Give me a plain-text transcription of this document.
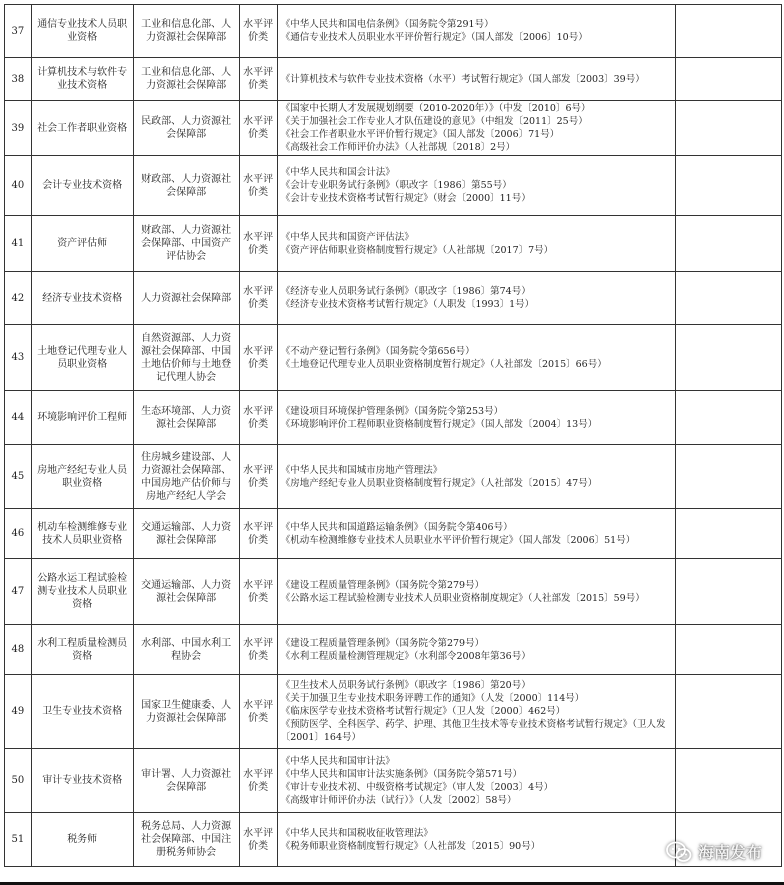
37	通信专业技术人员职业资格	工业和信息化部、人力资源社会保障部	水平评价类	《中华人民共和国电信条例》（国务院令第291号）
《通信专业技术人员职业水平评价暂行规定》（国人部发〔2006〕10号）	

38	计算机技术与软件专业技术资格	工业和信息化部、人力资源社会保障部	水平评价类	《计算机技术与软件专业技术资格（水平）考试暂行规定》（国人部发〔2003〕39号）	

39	社会工作者职业资格	民政部、人力资源社会保障部	水平评价类	《国家中长期人才发展规划纲要（2010-2020年）》（中发〔2010〕6号）
《关于加强社会工作专业人才队伍建设的意见》（中组发〔2011〕25号）
《社会工作者职业水平评价暂行规定》（国人部发〔2006〕71号）
《高级社会工作师评价办法》（人社部规〔2018〕2号）	

40	会计专业技术资格	财政部、人力资源社会保障部	水平评价类	《中华人民共和国会计法》
《会计专业职务试行条例》（职改字〔1986〕第55号）
《会计专业技术资格考试暂行规定》（财会〔2000〕11号）	

41	资产评估师	财政部、人力资源社会保障部、中国资产评估协会	水平评价类	《中华人民共和国资产评估法》
《资产评估师职业资格制度暂行规定》（人社部规〔2017〕7号）	

42	经济专业技术资格	人力资源社会保障部	水平评价类	《经济专业人员职务试行条例》（职改字〔1986〕第74号）
《经济专业技术资格考试暂行规定》（人职发〔1993〕1号）	

43	土地登记代理专业人员职业资格	自然资源部、人力资源社会保障部、中国土地估价师与土地登记代理人协会	水平评价类	《不动产登记暂行条例》（国务院令第656号）
《土地登记代理专业人员职业资格制度暂行规定》（人社部发〔2015〕66号）	

44	环境影响评价工程师	生态环境部、人力资源社会保障部	水平评价类	《建设项目环境保护管理条例》（国务院令第253号）
《环境影响评价工程师职业资格制度暂行规定》（国人部发〔2004〕13号）	

45	房地产经纪专业人员职业资格	住房城乡建设部、人力资源社会保障部、中国房地产估价师与房地产经纪人学会	水平评价类	《中华人民共和国城市房地产管理法》
《房地产经纪专业人员职业资格制度暂行规定》（人社部发〔2015〕47号）	

46	机动车检测维修专业技术人员职业资格	交通运输部、人力资源社会保障部	水平评价类	《中华人民共和国道路运输条例》（国务院令第406号）
《机动车检测维修专业技术人员职业水平评价暂行规定》（国人部发〔2006〕51号）	

47	公路水运工程试验检测专业技术人员职业资格	交通运输部、人力资源社会保障部	水平评价类	《建设工程质量管理条例》（国务院令第279号）
《公路水运工程试验检测专业技术人员职业资格制度规定》（人社部发〔2015〕59号）	

48	水利工程质量检测员资格	水利部、中国水利工程协会	水平评价类	《建设工程质量管理条例》（国务院令第279号）
《水利工程质量检测管理规定》（水利部令2008年第36号）	

49	卫生专业技术资格	国家卫生健康委、人力资源社会保障部	水平评价类	《卫生技术人员职务试行条例》（职改字〔1986〕第20号）
《关于加强卫生专业技术职务评聘工作的通知》（人发〔2000〕114号）
《临床医学专业技术资格考试暂行规定》（卫人发〔2000〕462号）
《预防医学、全科医学、药学、护理、其他卫生技术等专业技术资格考试暂行规定》（卫人发〔2001〕164号）	

50	审计专业技术资格	审计署、人力资源社会保障部	水平评价类	《中华人民共和国审计法》
《中华人民共和国审计法实施条例》（国务院令第571号）
《审计专业技术初、中级资格考试规定》（审人发〔2003〕4号）
《高级审计师评价办法（试行）》（人发〔2002〕58号）	

51	税务师	税务总局、人力资源社会保障部、中国注册税务师协会	水平评价类	《中华人民共和国税收征收管理法》
《税务师职业资格制度暂行规定》（人社部发〔2015〕90号）	
		海南发布
